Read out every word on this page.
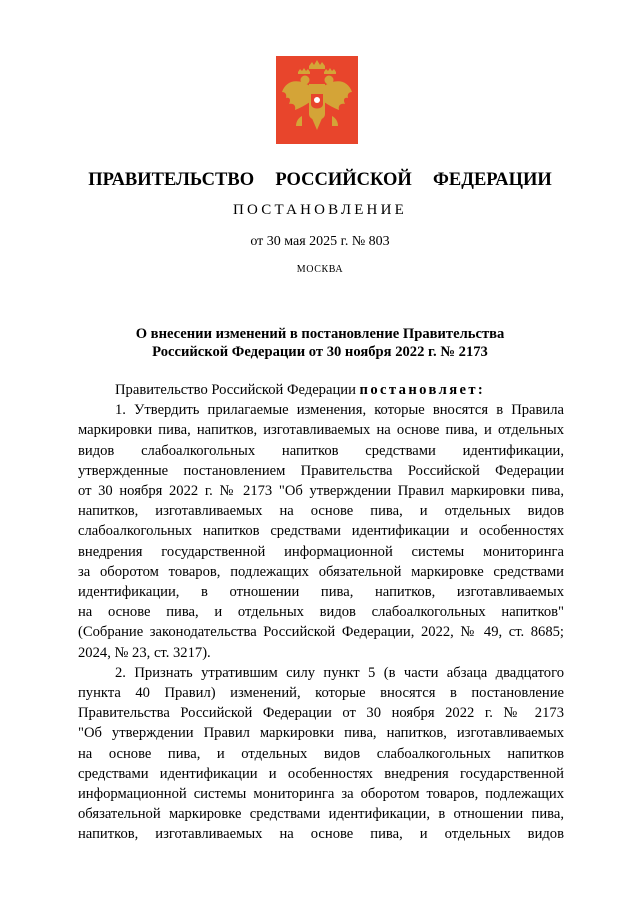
ПРАВИТЕЛЬСТВО  РОССИЙСКОЙ  ФЕДЕРАЦИИ
ПОСТАНОВЛЕНИЕ
от 30 мая 2025 г. № 803
МОСКВА
О внесении изменений в постановление Правительства
Российской Федерации от 30 ноября 2022 г. № 2173

Правительство Российской Федерации постановляет:

1. Утвердить прилагаемые изменения, которые вносятся в Правила
маркировки пива, напитков, изготавливаемых на основе пива, и отдельных
видов слабоалкогольных напитков средствами идентификации,
утвержденные постановлением Правительства Российской Федерации
от 30 ноября 2022 г. № 2173 "Об утверждении Правил маркировки пива,
напитков, изготавливаемых на основе пива, и отдельных видов
слабоалкогольных напитков средствами идентификации и особенностях
внедрения государственной информационной системы мониторинга
за оборотом товаров, подлежащих обязательной маркировке средствами
идентификации, в отношении пива, напитков, изготавливаемых
на основе пива, и отдельных видов слабоалкогольных напитков"
(Собрание законодательства Российской Федерации, 2022, № 49, ст. 8685;
2024, № 23, ст. 3217).
2. Признать утратившим силу пункт 5 (в части абзаца двадцатого
пункта 40 Правил) изменений, которые вносятся в постановление
Правительства Российской Федерации от 30 ноября 2022 г. № 2173
"Об утверждении Правил маркировки пива, напитков, изготавливаемых
на основе пива, и отдельных видов слабоалкогольных напитков
средствами идентификации и особенностях внедрения государственной
информационной системы мониторинга за оборотом товаров, подлежащих
обязательной маркировке средствами идентификации, в отношении пива,
напитков, изготавливаемых на основе пива, и отдельных видов
